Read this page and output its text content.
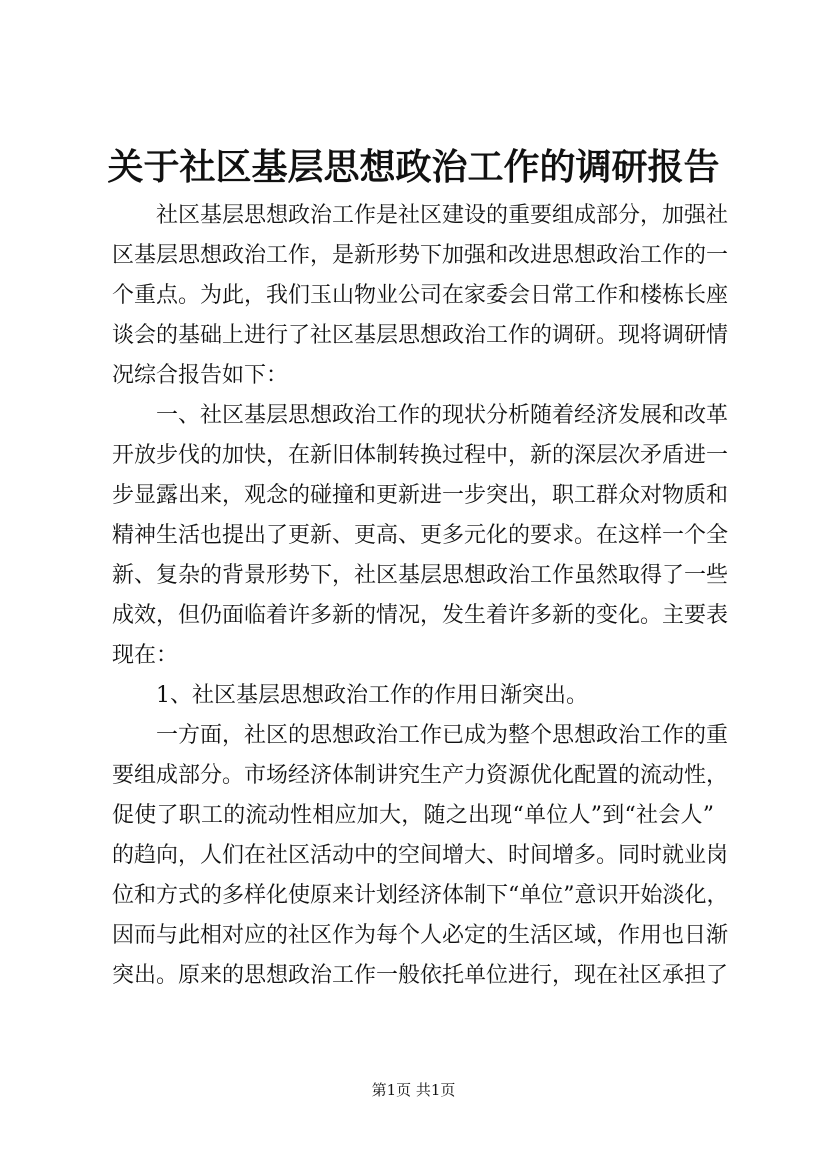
关于社区基层思想政治工作的调研报告
社区基层思想政治工作是社区建设的重要组成部分，加强社
区基层思想政治工作，是新形势下加强和改进思想政治工作的一
个重点。为此，我们玉山物业公司在家委会日常工作和楼栋长座
谈会的基础上进行了社区基层思想政治工作的调研。现将调研情
况综合报告如下：
一、社区基层思想政治工作的现状分析随着经济发展和改革
开放步伐的加快，在新旧体制转换过程中，新的深层次矛盾进一
步显露出来，观念的碰撞和更新进一步突出，职工群众对物质和
精神生活也提出了更新、更高、更多元化的要求。在这样一个全
新、复杂的背景形势下，社区基层思想政治工作虽然取得了一些
成效，但仍面临着许多新的情况，发生着许多新的变化。主要表
现在：
1、社区基层思想政治工作的作用日渐突出。
一方面，社区的思想政治工作已成为整个思想政治工作的重
要组成部分。市场经济体制讲究生产力资源优化配置的流动性，
促使了职工的流动性相应加大，随之出现“单位人”到“社会人”
的趋向，人们在社区活动中的空间增大、时间增多。同时就业岗
位和方式的多样化使原来计划经济体制下“单位”意识开始淡化，
因而与此相对应的社区作为每个人必定的生活区域，作用也日渐
突出。原来的思想政治工作一般依托单位进行，现在社区承担了
第1页 共1页
